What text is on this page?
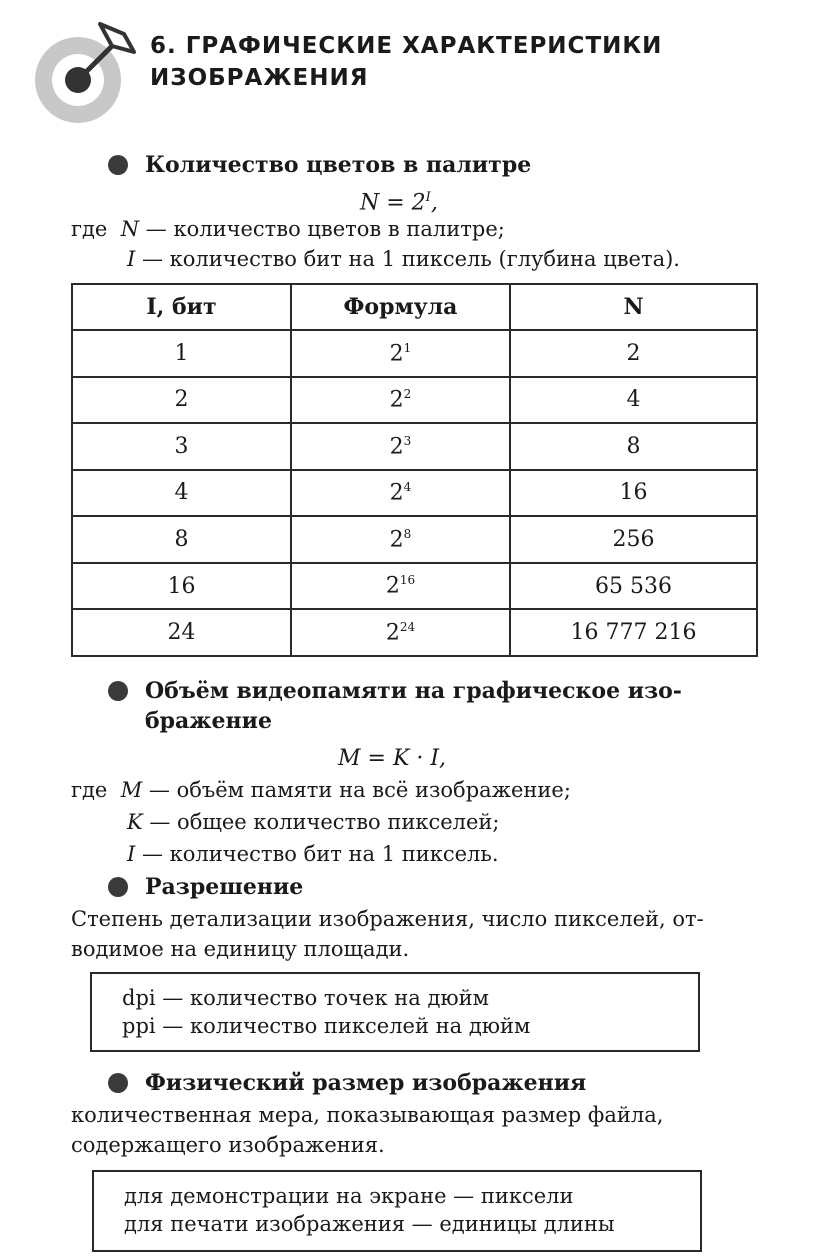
6. ГРАФИЧЕСКИЕ ХАРАКТЕРИСТИКИ
ИЗОБРАЖЕНИЯ
Количество цветов в палитре
$N = 2^I$,
где N — количество цветов в палитре;
I — количество бит на 1 пиксель (глубина цвета).
I, бит	Формула	N
1	$2^1$	2
2	$2^2$	4
3	$2^3$	8
4	$2^4$	16
8	$2^8$	256
16	$2^{16}$	65 536
24	$2^{24}$	16 777 216
Объём видеопамяти на графическое изо-
бражение
M = K · I,
где M — объём памяти на всё изображение;
K — общее количество пикселей;
I — количество бит на 1 пиксель.
Разрешение
Степень детализации изображения, число пикселей, от-
водимое на единицу площади.
dpi — количество точек на дюйм
ppi — количество пикселей на дюйм
Физический размер изображения
количественная мера, показывающая размер файла,
содержащего изображения.
для демонстрации на экране — пиксели
для печати изображения — единицы длины
